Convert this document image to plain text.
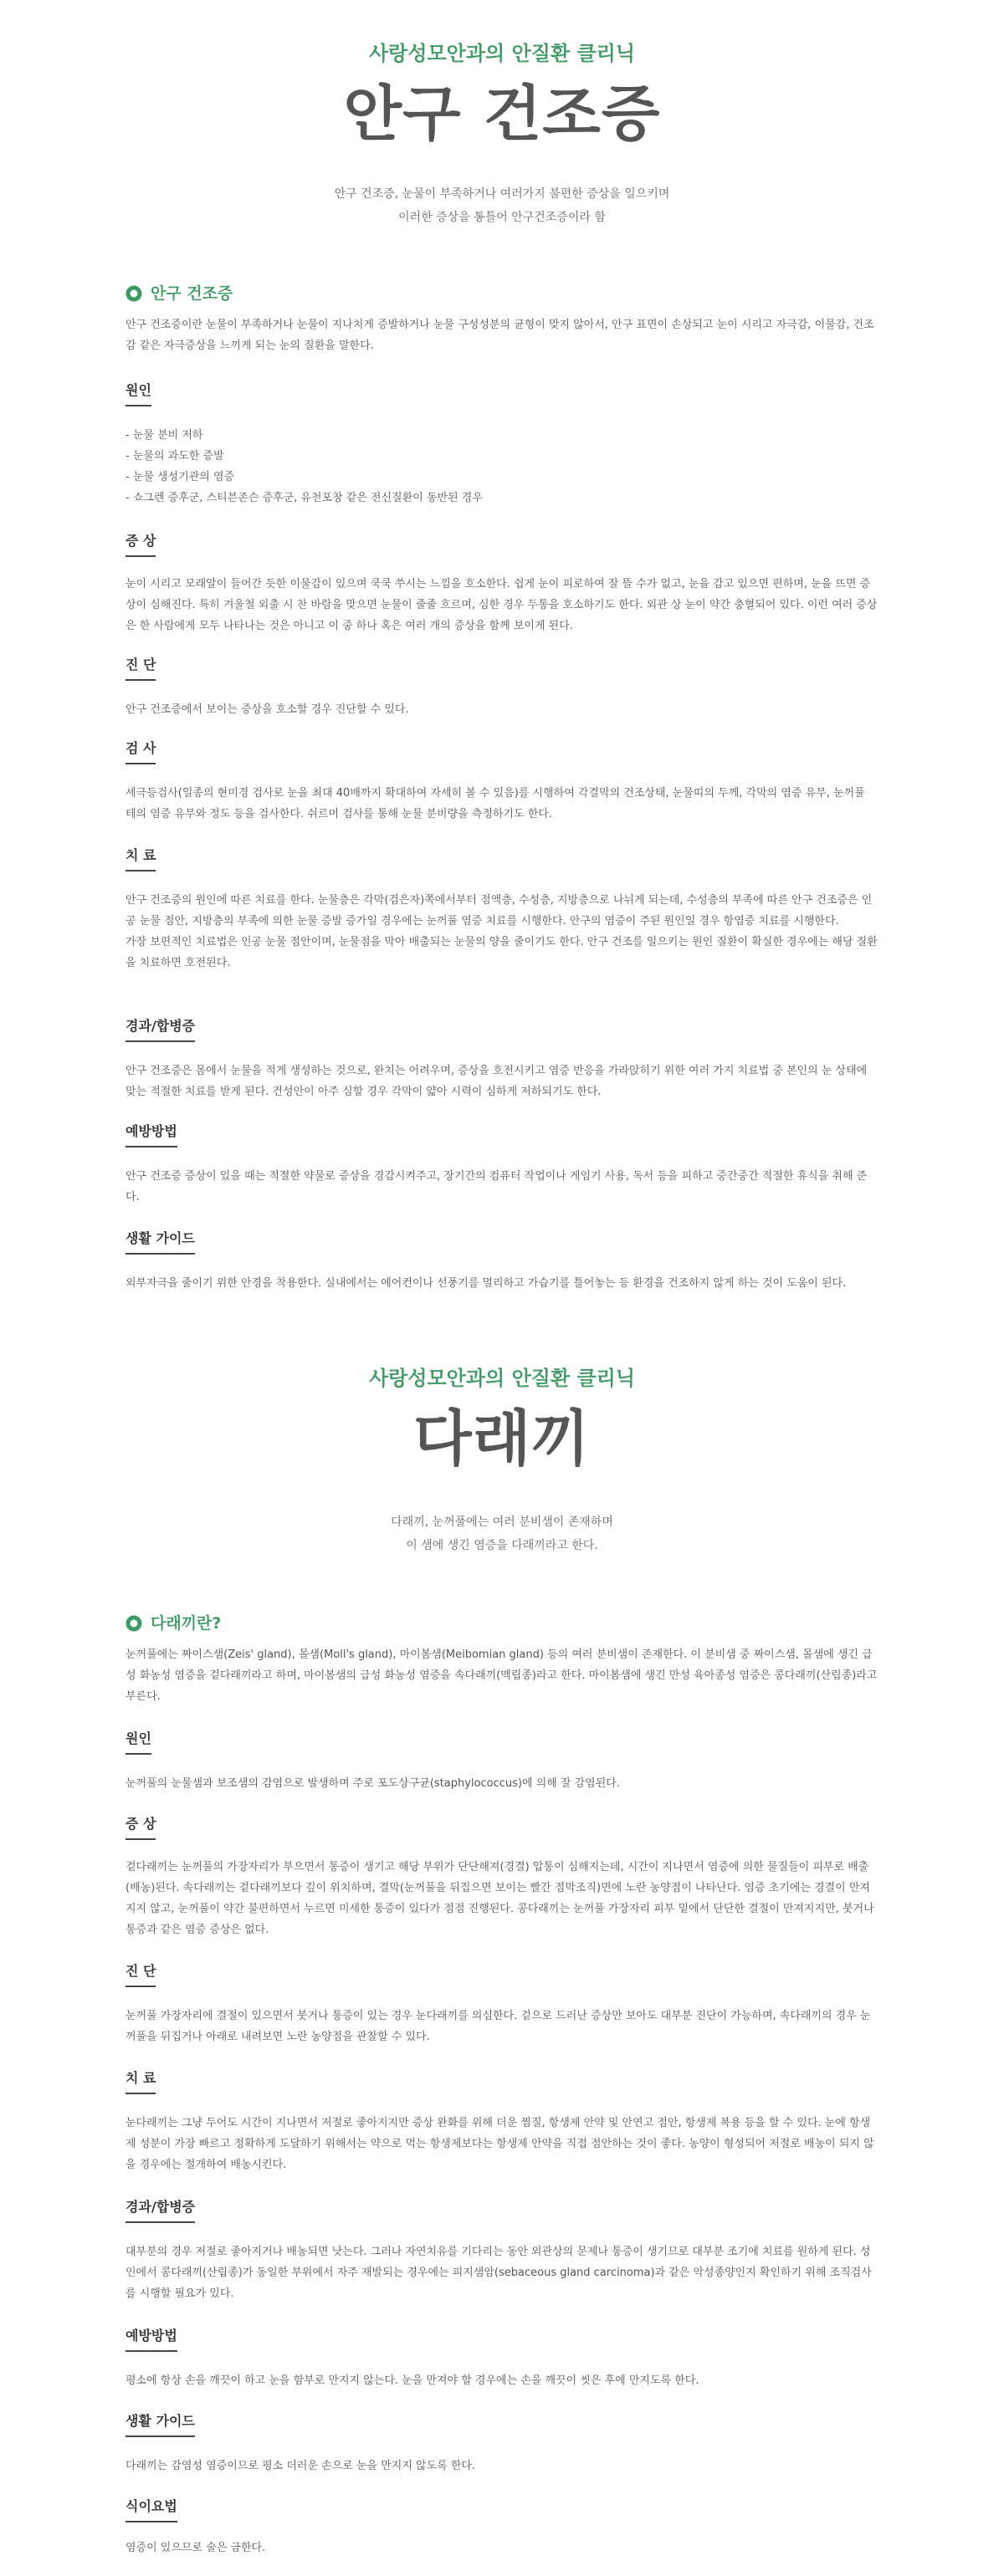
사랑성모안과의 안질환 클리닉

안구 건조증

안구 건조증, 눈물이 부족하거나 여러가지 불편한 증상을 일으키며

이러한 증상을 통틀어 안구건조증이라 함

안구 건조증

안구 건조증이란 눈물이 부족하거나 눈물이 지나치게 증발하거나 눈물 구성성분의 균형이 맞지 않아서, 안구 표면이 손상되고 눈이 시리고 자극감, 이물감, 건조감 같은 자극증상을 느끼게 되는 눈의 질환을 말한다.

원인
- 눈물 분비 저하
- 눈물의 과도한 증발
- 눈물 생성기관의 염증
- 쇼그렌 증후군, 스티븐존슨 증후군, 유천포창 같은 전신질환이 동반된 경우
증 상

눈이 시리고 모래알이 들어간 듯한 이물감이 있으며 쿡쿡 쑤시는 느낌을 호소한다. 쉽게 눈이 피로하여 잘 뜰 수가 없고, 눈을 감고 있으면 편하며, 눈을 뜨면 증상이 심해진다. 특히 겨울철 외출 시 찬 바람을 맞으면 눈물이 줄줄 흐르며, 심한 경우 두통을 호소하기도 한다. 외관 상 눈이 약간 충혈되어 있다. 이런 여러 증상은 한 사람에게 모두 나타나는 것은 아니고 이 중 하나 혹은 여러 개의 증상을 함께 보이게 된다.

진 단

안구 건조증에서 보이는 증상을 호소할 경우 진단할 수 있다.

검 사

세극등검사(일종의 현미경 검사로 눈을 최대 40배까지 확대하여 자세히 볼 수 있음)를 시행하여 각결막의 건조상태, 눈물띠의 두께, 각막의 염증 유무, 눈꺼풀 테의 염증 유무와 정도 등을 검사한다. 쉬르머 검사를 통해 눈물 분비량을 측정하기도 한다.

치 료

안구 건조증의 원인에 따른 치료를 한다. 눈물층은 각막(검은자)쪽에서부터 점액층, 수성층, 지방층으로 나뉘게 되는데, 수성층의 부족에 따른 안구 건조증은 인공 눈물 점안, 지방층의 부족에 의한 눈물 증발 증가일 경우에는 눈꺼풀 염증 치료를 시행한다. 안구의 염증이 주된 원인일 경우 항염증 치료를 시행한다.

가장 보편적인 치료법은 인공 눈물 점안이며, 눈물점을 막아 배출되는 눈물의 양을 줄이기도 한다. 안구 건조를 일으키는 원인 질환이 확실한 경우에는 해당 질환을 치료하면 호전된다.

경과/합병증

안구 건조증은 몸에서 눈물을 적게 생성하는 것으로, 완치는 어려우며, 증상을 호전시키고 염증 반응을 가라앉히기 위한 여러 가지 치료법 중 본인의 눈 상태에 맞는 적절한 치료를 받게 된다. 건성안이 아주 심할 경우 각막이 얇아 시력이 심하게 저하되기도 한다.

예방방법

안구 건조증 증상이 있을 때는 적절한 약물로 증상을 경감시켜주고, 장기간의 컴퓨터 작업이나 게임기 사용, 독서 등을 피하고 중간중간 적절한 휴식을 취해 준다.

생활 가이드

외부자극을 줄이기 위한 안경을 착용한다. 실내에서는 에어컨이나 선풍기를 멀리하고 가습기를 틀어놓는 등 환경을 건조하지 않게 하는 것이 도움이 된다.

사랑성모안과의 안질환 클리닉

다래끼

다래끼, 눈꺼풀에는 여러 분비샘이 존재하며

이 샘에 생긴 염증을 다래끼라고 한다.

다래끼란?

눈꺼풀에는 짜이스샘(Zeis' gland), 몰샘(Moll's gland), 마이봄샘(Meibomian gland) 등의 여러 분비샘이 존재한다. 이 분비샘 중 짜이스샘, 몰샘에 생긴 급성 화농성 염증을 겉다래끼라고 하며, 마이봄샘의 급성 화농성 염증을 속다래끼(맥립종)라고 한다. 마이봄샘에 생긴 만성 육아종성 염증은 콩다래끼(산립종)라고 부른다.

원인

눈꺼풀의 눈물샘과 보조샘의 감염으로 발생하며 주로 포도상구균(staphylococcus)에 의해 잘 감염된다.

증 상

겉다래끼는 눈꺼풀의 가장자리가 부으면서 통증이 생기고 해당 부위가 단단해져(경결) 압통이 심해지는데, 시간이 지나면서 염증에 의한 물질들이 피부로 배출(배농)된다. 속다래끼는 겉다래끼보다 깊이 위치하며, 결막(눈꺼풀을 뒤집으면 보이는 빨간 점막조직)면에 노란 농양점이 나타난다. 염증 초기에는 경결이 만져지지 않고, 눈꺼풀이 약간 불편하면서 누르면 미세한 통증이 있다가 점점 진행된다. 콩다래끼는 눈꺼풀 가장자리 피부 밑에서 단단한 결절이 만져지지만, 붓거나 통증과 같은 염증 증상은 없다.

진 단

눈꺼풀 가장자리에 결절이 있으면서 붓거나 통증이 있는 경우 눈다래끼를 의심한다. 겉으로 드러난 증상만 보아도 대부분 진단이 가능하며, 속다래끼의 경우 눈꺼풀을 뒤집거나 아래로 내려보면 노란 농양점을 관찰할 수 있다.

치 료

눈다래끼는 그냥 두어도 시간이 지나면서 저절로 좋아지지만 증상 완화를 위해 더운 찜질, 항생제 안약 및 안연고 점안, 항생제 복용 등을 할 수 있다. 눈에 항생제 성분이 가장 빠르고 정확하게 도달하기 위해서는 약으로 먹는 항생제보다는 항생제 안약을 직접 점안하는 것이 좋다. 농양이 형성되어 저절로 배농이 되지 않을 경우에는 절개하여 배농시킨다.

경과/합병증

대부분의 경우 저절로 좋아지거나 배농되면 낫는다. 그러나 자연치유를 기다리는 동안 외관상의 문제나 통증이 생기므로 대부분 조기에 치료를 원하게 된다. 성인에서 콩다래끼(산립종)가 동일한 부위에서 자주 재발되는 경우에는 피지샘암(sebaceous gland carcinoma)과 같은 악성종양인지 확인하기 위해 조직검사를 시행할 필요가 있다.

예방방법

평소에 항상 손을 깨끗이 하고 눈을 함부로 만지지 않는다. 눈을 만져야 할 경우에는 손을 깨끗이 씻은 후에 만지도록 한다.

생활 가이드

다래끼는 감염성 염증이므로 평소 더러운 손으로 눈을 만지지 않도록 한다.

식이요법

염증이 있으므로 술은 금한다.
